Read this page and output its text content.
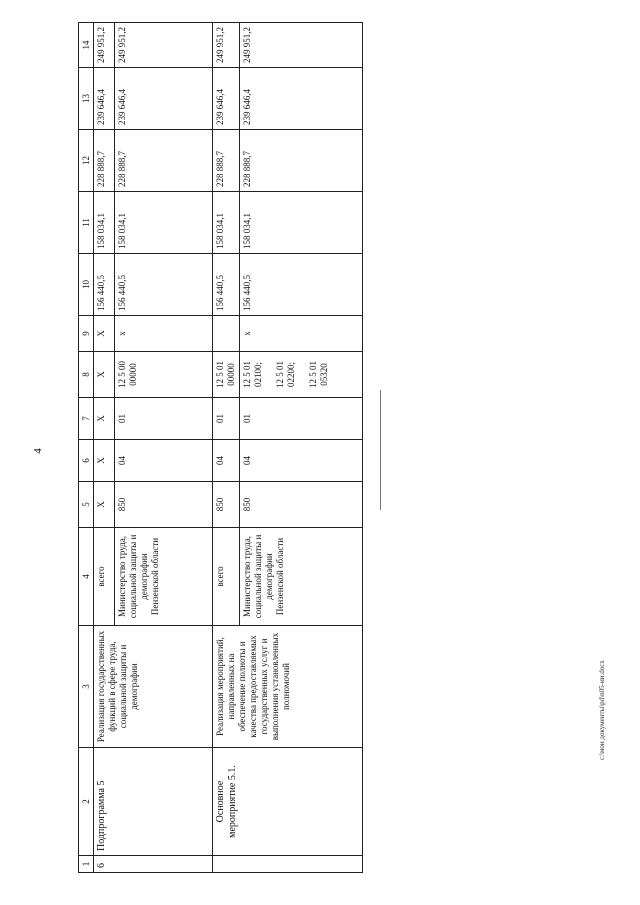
4
1	2	3	4	5	6	7	8	9	10	11	12	13	14
6	Подпрограмма 5	Реализация государственных функций в сфере труда, социальной защиты и демографии	всего	X	X	X	X	X	156 440,5	158 034,1	228 888,7	239 646,4	249 951,2
			Министерство труда, социальной защиты и демографии Пензенской области	850	04	01	12 5 00 00000	x	156 440,5	158 034,1	228 888,7	239 646,4	249 951,2
	Основное мероприятие 5.1.	Реализация мероприятий, направленных на обеспечение полноты и качества предоставляемых государственных услуг и выполнения установленных полномочий	всего	850	04	01	12 5 01 00000		156 440,5	158 034,1	228 888,7	239 646,4	249 951,2
			Министерство труда, социальной защиты и демографии Пензенской области	850	04	01	12 5 01 02100; 12 5 01 02200; 12 5 01 05320	x	156 440,5	158 034,1	228 888,7	239 646,4	249 951,2
c:\мои документы\pd\n05-ии.docx
